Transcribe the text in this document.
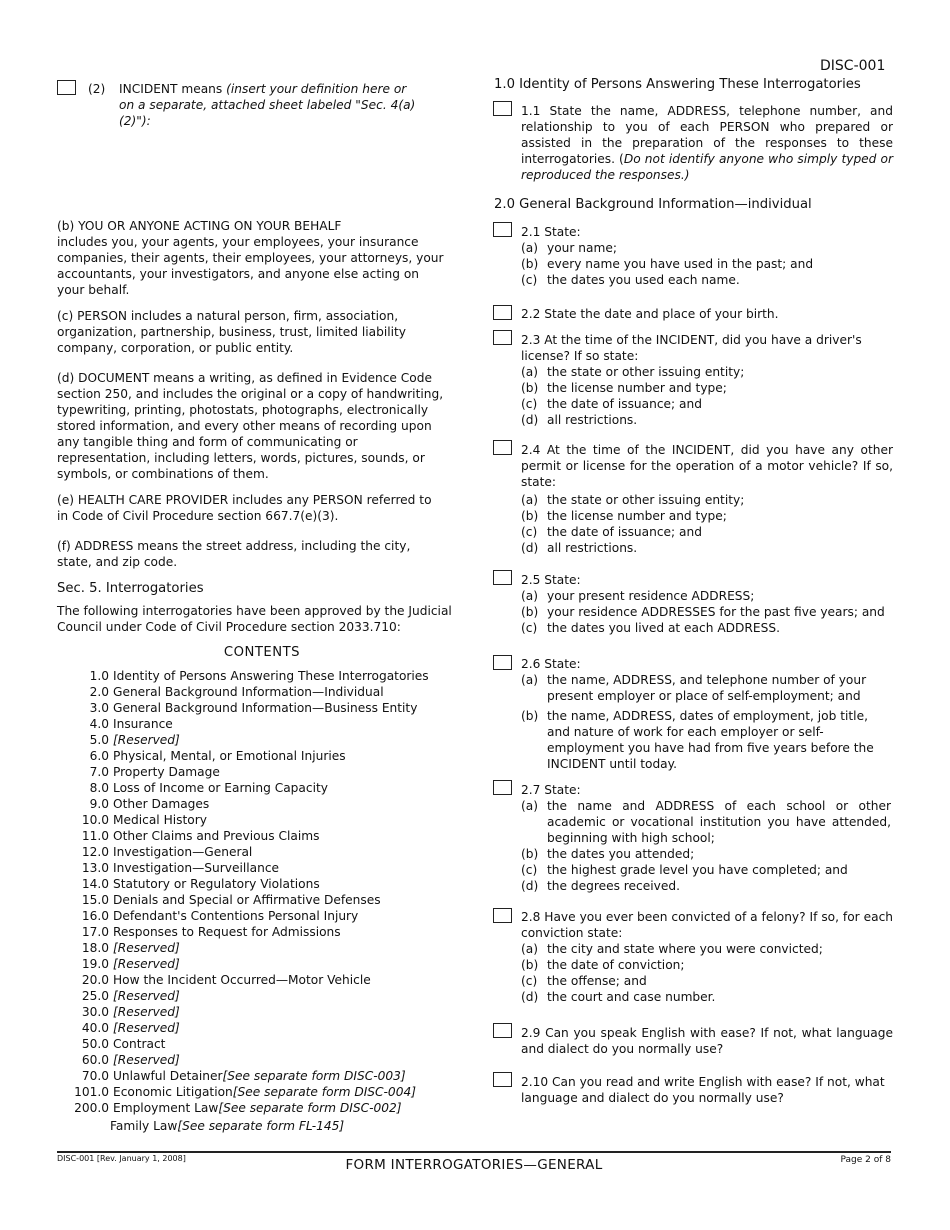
DISC-001
(2)	INCIDENT means (insert your definition here or on a separate, attached sheet labeled "Sec. 4(a)(2)"):
(b) YOU OR ANYONE ACTING ON YOUR BEHALF
includes you, your agents, your employees, your insurance companies, their agents, their employees, your attorneys, your accountants, your investigators, and anyone else acting on your behalf.
(c) PERSON includes a natural person, firm, association, organization, partnership, business, trust, limited liability company, corporation, or public entity.
(d) DOCUMENT means a writing, as defined in Evidence Code section 250, and includes the original or a copy of handwriting, typewriting, printing, photostats, photographs, electronically stored information, and every other means of recording upon any tangible thing and form of communicating or representation, including letters, words, pictures, sounds, or symbols, or combinations of them.
(e) HEALTH CARE PROVIDER includes any PERSON referred to in Code of Civil Procedure section 667.7(e)(3).
(f) ADDRESS means the street address, including the city, state, and zip code.
Sec. 5. Interrogatories
The following interrogatories have been approved by the Judicial Council under Code of Civil Procedure section 2033.710:
CONTENTS
1.0 Identity of Persons Answering These Interrogatories
2.0 General Background Information—Individual
3.0 General Background Information—Business Entity
4.0 Insurance
5.0 [Reserved]
6.0 Physical, Mental, or Emotional Injuries
7.0 Property Damage
8.0 Loss of Income or Earning Capacity
9.0 Other Damages
10.0 Medical History
11.0 Other Claims and Previous Claims
12.0 Investigation—General
13.0 Investigation—Surveillance
14.0 Statutory or Regulatory Violations
15.0 Denials and Special or Affirmative Defenses
16.0 Defendant's Contentions Personal Injury
17.0 Responses to Request for Admissions
18.0 [Reserved]
19.0 [Reserved]
20.0 How the Incident Occurred—Motor Vehicle
25.0 [Reserved]
30.0 [Reserved]
40.0 [Reserved]
50.0 Contract
60.0 [Reserved]
70.0 Unlawful Detainer [See separate form DISC-003]
101.0 Economic Litigation [See separate form DISC-004]
200.0 Employment Law [See separate form DISC-002]
Family Law [See separate form FL-145]
1.0 Identity of Persons Answering These Interrogatories
1.1 State the name, ADDRESS, telephone number, and relationship to you of each PERSON who prepared or assisted in the preparation of the responses to these interrogatories. (Do not identify anyone who simply typed or reproduced the responses.)
2.0 General Background Information—individual
2.1 State:
(a) your name;
(b) every name you have used in the past; and
(c) the dates you used each name.
2.2 State the date and place of your birth.
2.3 At the time of the INCIDENT, did you have a driver's license? If so state:
(a) the state or other issuing entity;
(b) the license number and type;
(c) the date of issuance; and
(d) all restrictions.
2.4 At the time of the INCIDENT, did you have any other permit or license for the operation of a motor vehicle? If so, state:
(a) the state or other issuing entity;
(b) the license number and type;
(c) the date of issuance; and
(d) all restrictions.
2.5 State:
(a) your present residence ADDRESS;
(b) your residence ADDRESSES for the past five years; and
(c) the dates you lived at each ADDRESS.
2.6 State:
(a) the name, ADDRESS, and telephone number of your present employer or place of self-employment; and
(b) the name, ADDRESS, dates of employment, job title, and nature of work for each employer or self-employment you have had from five years before the INCIDENT until today.
2.7 State:
(a) the name and ADDRESS of each school or other academic or vocational institution you have attended, beginning with high school;
(b) the dates you attended;
(c) the highest grade level you have completed; and
(d) the degrees received.
2.8 Have you ever been convicted of a felony? If so, for each conviction state:
(a) the city and state where you were convicted;
(b) the date of conviction;
(c) the offense; and
(d) the court and case number.
2.9 Can you speak English with ease? If not, what language and dialect do you normally use?
2.10 Can you read and write English with ease? If not, what language and dialect do you normally use?
DISC-001 [Rev. January 1, 2008]	FORM INTERROGATORIES—GENERAL	Page 2 of 8
